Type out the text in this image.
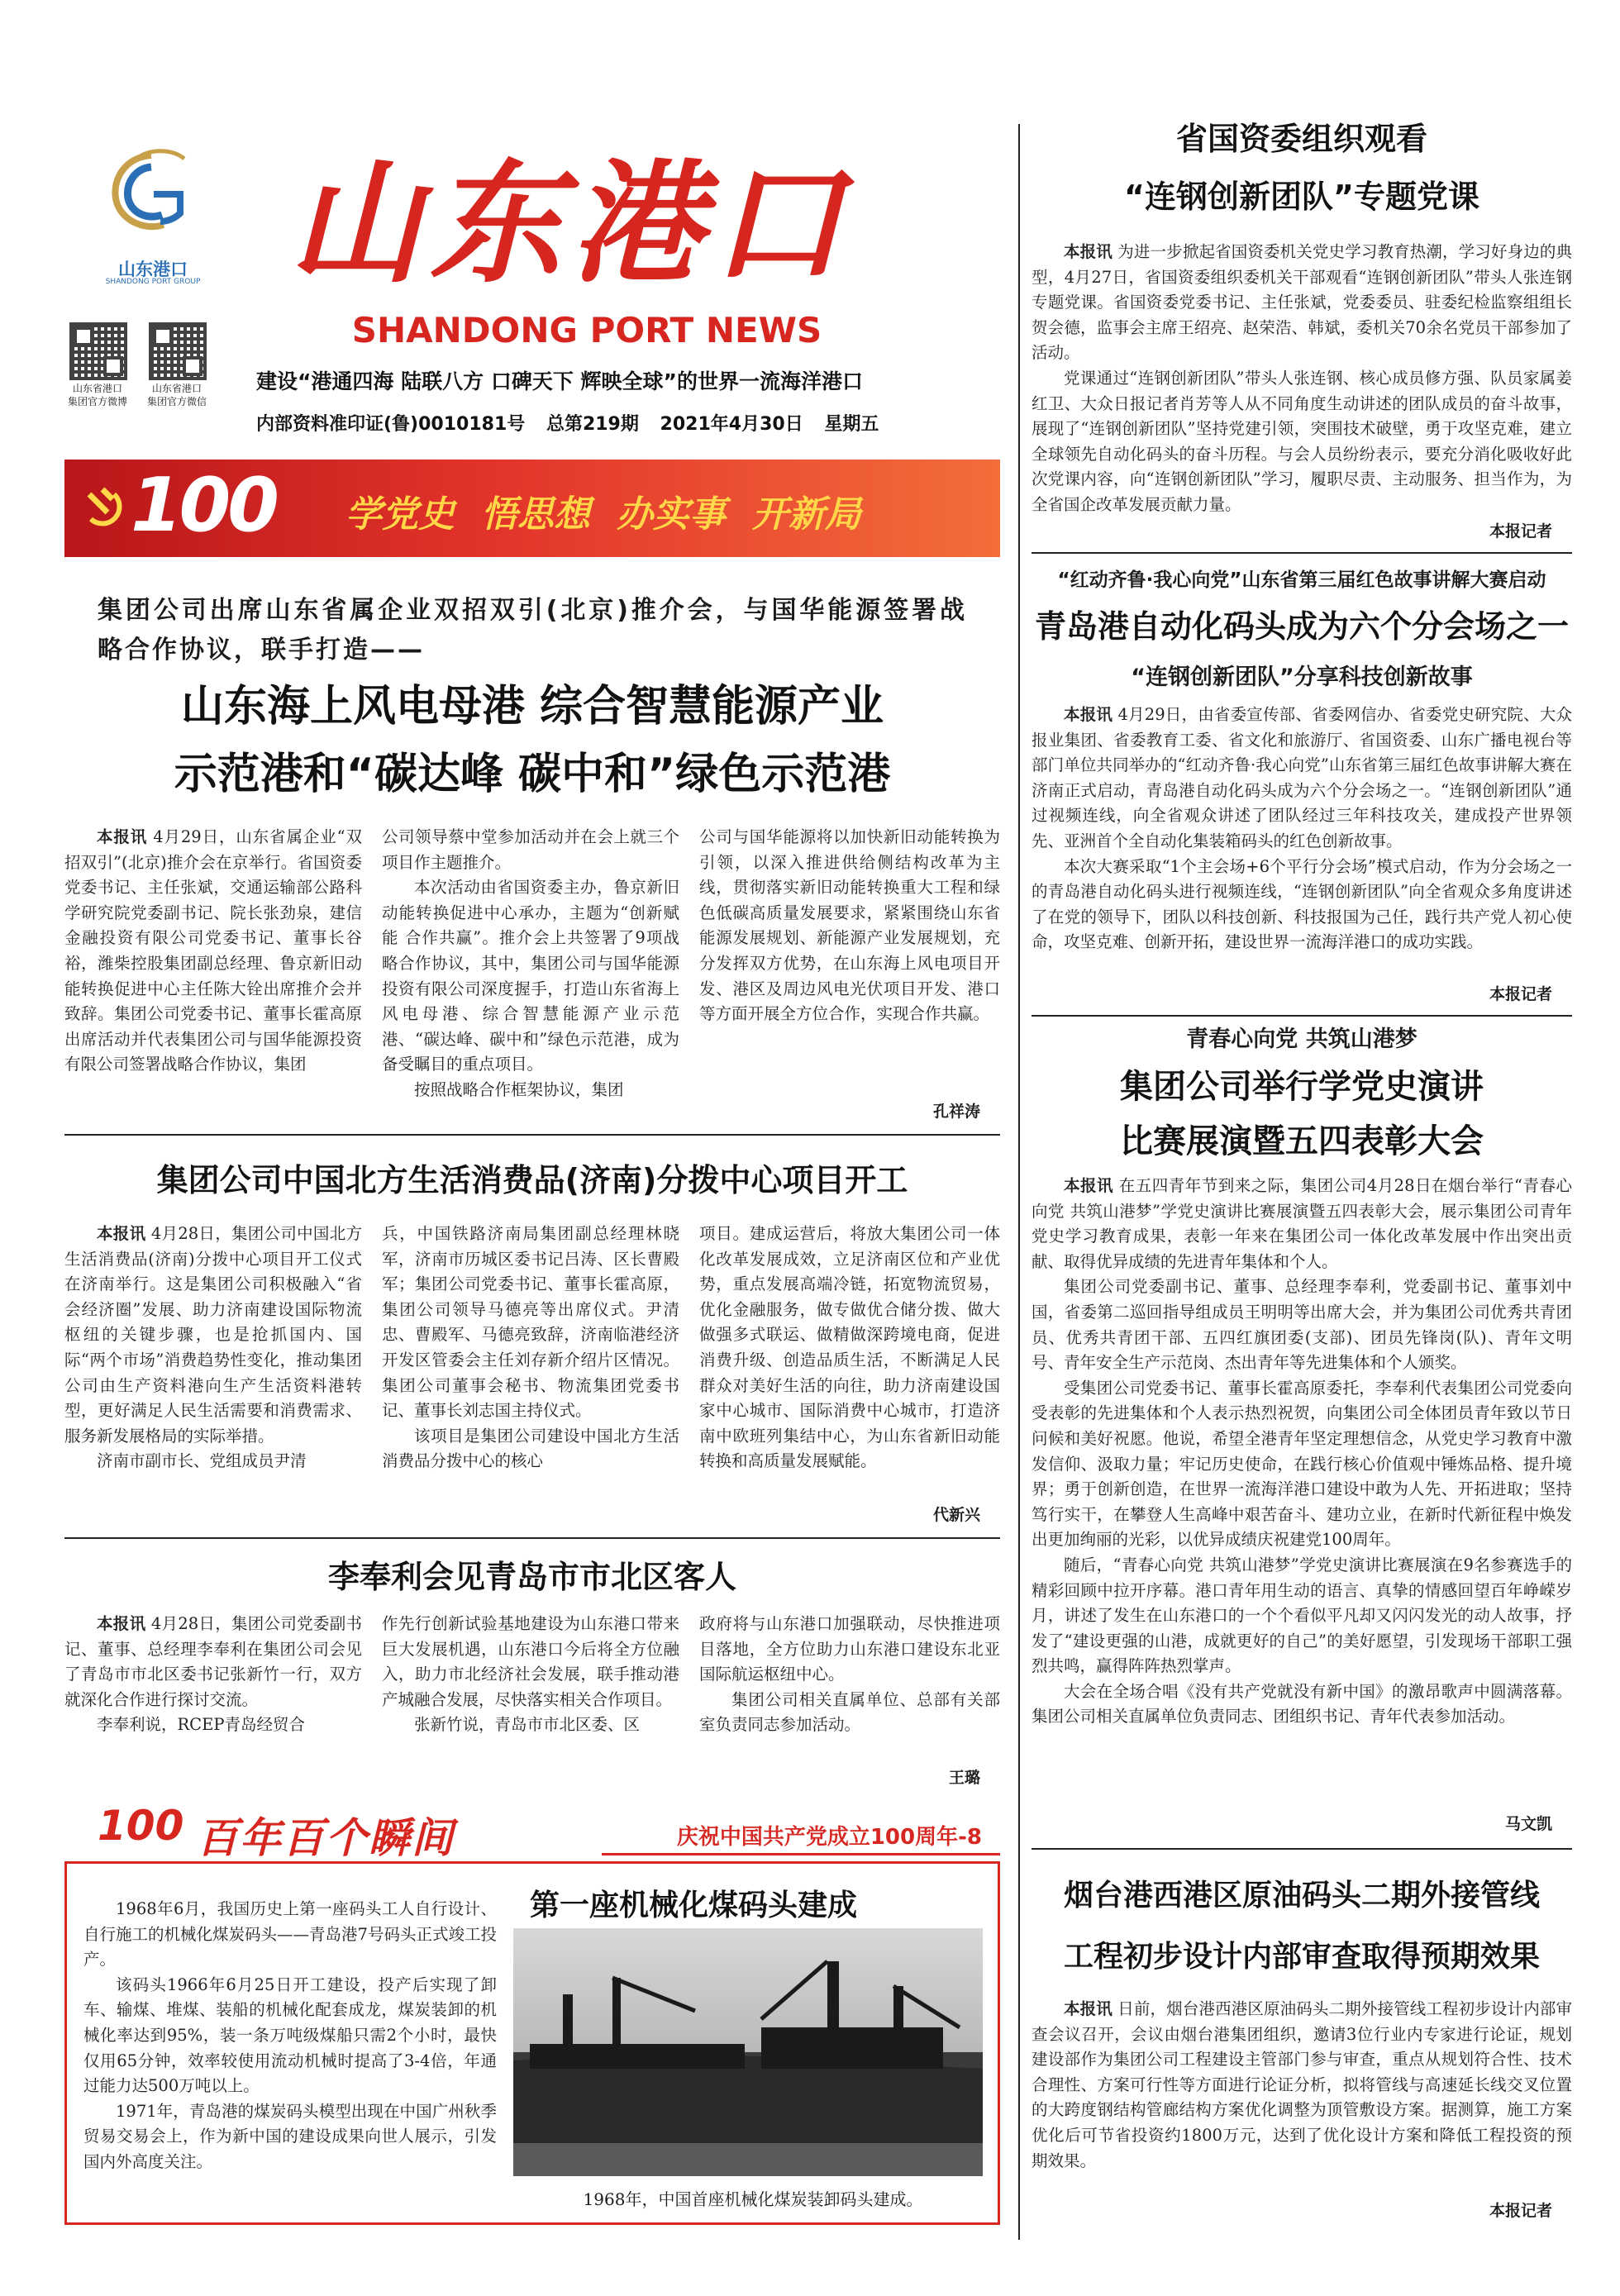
山东港口
SHANDONG PORT GROUP 山东港口
SHANDONG PORT NEWS
山东省港口
集团官方微博
山东省港口
集团官方微信
建设“港通四海 陆联八方 口碑天下 辉映全球”的世界一流海洋港口
内部资料准印证(鲁)0010181号 总第219期 2021年4月30日 星期五
100 学党史 悟思想 办实事 开新局
集团公司出席山东省属企业双招双引(北京)推介会，与国华能源签署战略合作协议，联手打造——
山东海上风电母港 综合智慧能源产业
示范港和“碳达峰 碳中和”绿色示范港

本报讯 4月29日，山东省属企业“双招双引”(北京)推介会在京举行。省国资委党委书记、主任张斌，交通运输部公路科学研究院党委副书记、院长张劲泉，建信金融投资有限公司党委书记、董事长谷裕，潍柴控股集团副总经理、鲁京新旧动能转换促进中心主任陈大铨出席推介会并致辞。集团公司党委书记、董事长霍高原出席活动并代表集团公司与国华能源投资有限公司签署战略合作协议，集团

公司领导蔡中堂参加活动并在会上就三个项目作主题推介。

本次活动由省国资委主办，鲁京新旧动能转换促进中心承办，主题为“创新赋能 合作共赢”。推介会上共签署了9项战略合作协议，其中，集团公司与国华能源投资有限公司深度握手，打造山东省海上风电母港、综合智慧能源产业示范港、“碳达峰、碳中和”绿色示范港，成为备受瞩目的重点项目。

按照战略合作框架协议，集团

公司与国华能源将以加快新旧动能转换为引领，以深入推进供给侧结构改革为主线，贯彻落实新旧动能转换重大工程和绿色低碳高质量发展要求，紧紧围绕山东省能源发展规划、新能源产业发展规划，充分发挥双方优势，在山东海上风电项目开发、港区及周边风电光伏项目开发、港口等方面开展全方位合作，实现合作共赢。

孔祥涛
集团公司中国北方生活消费品(济南)分拨中心项目开工

本报讯 4月28日，集团公司中国北方生活消费品(济南)分拨中心项目开工仪式在济南举行。这是集团公司积极融入“省会经济圈”发展、助力济南建设国际物流枢纽的关键步骤，也是抢抓国内、国际“两个市场”消费趋势性变化，推动集团公司由生产资料港向生产生活资料港转型，更好满足人民生活需要和消费需求、服务新发展格局的实际举措。

济南市副市长、党组成员尹清

兵，中国铁路济南局集团副总经理林晓军，济南市历城区委书记吕涛、区长曹殿军；集团公司党委书记、董事长霍高原，集团公司领导马德亮等出席仪式。尹清忠、曹殿军、马德亮致辞，济南临港经济开发区管委会主任刘存新介绍片区情况。集团公司董事会秘书、物流集团党委书记、董事长刘志国主持仪式。

该项目是集团公司建设中国北方生活消费品分拨中心的核心

项目。建成运营后，将放大集团公司一体化改革发展成效，立足济南区位和产业优势，重点发展高端冷链，拓宽物流贸易，优化金融服务，做专做优合储分拨、做大做强多式联运、做精做深跨境电商，促进消费升级、创造品质生活，不断满足人民群众对美好生活的向往，助力济南建设国家中心城市、国际消费中心城市，打造济南中欧班列集结中心，为山东省新旧动能转换和高质量发展赋能。

代新兴
李奉利会见青岛市市北区客人

本报讯 4月28日，集团公司党委副书记、董事、总经理李奉利在集团公司会见了青岛市市北区委书记张新竹一行，双方就深化合作进行探讨交流。

李奉利说，RCEP青岛经贸合

作先行创新试验基地建设为山东港口带来巨大发展机遇，山东港口今后将全方位融入，助力市北经济社会发展，联手推动港产城融合发展，尽快落实相关合作项目。

张新竹说，青岛市市北区委、区

政府将与山东港口加强联动，尽快推进项目落地，全方位助力山东港口建设东北亚国际航运枢纽中心。

集团公司相关直属单位、总部有关部室负责同志参加活动。

王璐
100 百年百个瞬间	庆祝中国共产党成立100周年-8
第一座机械化煤码头建成

1968年6月，我国历史上第一座码头工人自行设计、自行施工的机械化煤炭码头——青岛港7号码头正式竣工投产。

该码头1966年6月25日开工建设，投产后实现了卸车、输煤、堆煤、装船的机械化配套成龙，煤炭装卸的机械化率达到95%，装一条万吨级煤船只需2个小时，最快仅用65分钟，效率较使用流动机械时提高了3-4倍，年通过能力达500万吨以上。

1971年，青岛港的煤炭码头模型出现在中国广州秋季贸易交易会上，作为新中国的建设成果向世人展示，引发国内外高度关注。

1968年，中国首座机械化煤炭装卸码头建成。
省国资委组织观看
“连钢创新团队”专题党课

本报讯 为进一步掀起省国资委机关党史学习教育热潮，学习好身边的典型，4月27日，省国资委组织委机关干部观看“连钢创新团队”带头人张连钢专题党课。省国资委党委书记、主任张斌，党委委员、驻委纪检监察组组长贺会德，监事会主席王绍亮、赵荣浩、韩斌，委机关70余名党员干部参加了活动。

党课通过“连钢创新团队”带头人张连钢、核心成员修方强、队员家属姜红卫、大众日报记者肖芳等人从不同角度生动讲述的团队成员的奋斗故事，展现了“连钢创新团队”坚持党建引领，突围技术破壁，勇于攻坚克难，建立全球领先自动化码头的奋斗历程。与会人员纷纷表示，要充分消化吸收好此次党课内容，向“连钢创新团队”学习，履职尽责、主动服务、担当作为，为全省国企改革发展贡献力量。

本报记者
“红动齐鲁·我心向党”山东省第三届红色故事讲解大赛启动
青岛港自动化码头成为六个分会场之一
“连钢创新团队”分享科技创新故事

本报讯 4月29日，由省委宣传部、省委网信办、省委党史研究院、大众报业集团、省委教育工委、省文化和旅游厅、省国资委、山东广播电视台等部门单位共同举办的“红动齐鲁·我心向党”山东省第三届红色故事讲解大赛在济南正式启动，青岛港自动化码头成为六个分会场之一。“连钢创新团队”通过视频连线，向全省观众讲述了团队经过三年科技攻关，建成投产世界领先、亚洲首个全自动化集装箱码头的红色创新故事。

本次大赛采取“1个主会场+6个平行分会场”模式启动，作为分会场之一的青岛港自动化码头进行视频连线，“连钢创新团队”向全省观众多角度讲述了在党的领导下，团队以科技创新、科技报国为己任，践行共产党人初心使命，攻坚克难、创新开拓，建设世界一流海洋港口的成功实践。

本报记者
青春心向党 共筑山港梦
集团公司举行学党史演讲
比赛展演暨五四表彰大会

本报讯 在五四青年节到来之际，集团公司4月28日在烟台举行“青春心向党 共筑山港梦”学党史演讲比赛展演暨五四表彰大会，展示集团公司青年党史学习教育成果，表彰一年来在集团公司一体化改革发展中作出突出贡献、取得优异成绩的先进青年集体和个人。

集团公司党委副书记、董事、总经理李奉利，党委副书记、董事刘中国，省委第二巡回指导组成员王明明等出席大会，并为集团公司优秀共青团员、优秀共青团干部、五四红旗团委(支部)、团员先锋岗(队)、青年文明号、青年安全生产示范岗、杰出青年等先进集体和个人颁奖。

受集团公司党委书记、董事长霍高原委托，李奉利代表集团公司党委向受表彰的先进集体和个人表示热烈祝贺，向集团公司全体团员青年致以节日问候和美好祝愿。他说，希望全港青年坚定理想信念，从党史学习教育中激发信仰、汲取力量；牢记历史使命，在践行核心价值观中锤炼品格、提升境界；勇于创新创造，在世界一流海洋港口建设中敢为人先、开拓进取；坚持笃行实干，在攀登人生高峰中艰苦奋斗、建功立业，在新时代新征程中焕发出更加绚丽的光彩，以优异成绩庆祝建党100周年。

随后，“青春心向党 共筑山港梦”学党史演讲比赛展演在9名参赛选手的精彩回顾中拉开序幕。港口青年用生动的语言、真挚的情感回望百年峥嵘岁月，讲述了发生在山东港口的一个个看似平凡却又闪闪发光的动人故事，抒发了“建设更强的山港，成就更好的自己”的美好愿望，引发现场干部职工强烈共鸣，赢得阵阵热烈掌声。

大会在全场合唱《没有共产党就没有新中国》的激昂歌声中圆满落幕。集团公司相关直属单位负责同志、团组织书记、青年代表参加活动。

马文凯
烟台港西港区原油码头二期外接管线
工程初步设计内部审查取得预期效果

本报讯 日前，烟台港西港区原油码头二期外接管线工程初步设计内部审查会议召开，会议由烟台港集团组织，邀请3位行业内专家进行论证，规划建设部作为集团公司工程建设主管部门参与审查，重点从规划符合性、技术合理性、方案可行性等方面进行论证分析，拟将管线与高速延长线交叉位置的大跨度钢结构管廊结构方案优化调整为顶管敷设方案。据测算，施工方案优化后可节省投资约1800万元，达到了优化设计方案和降低工程投资的预期效果。

本报记者
